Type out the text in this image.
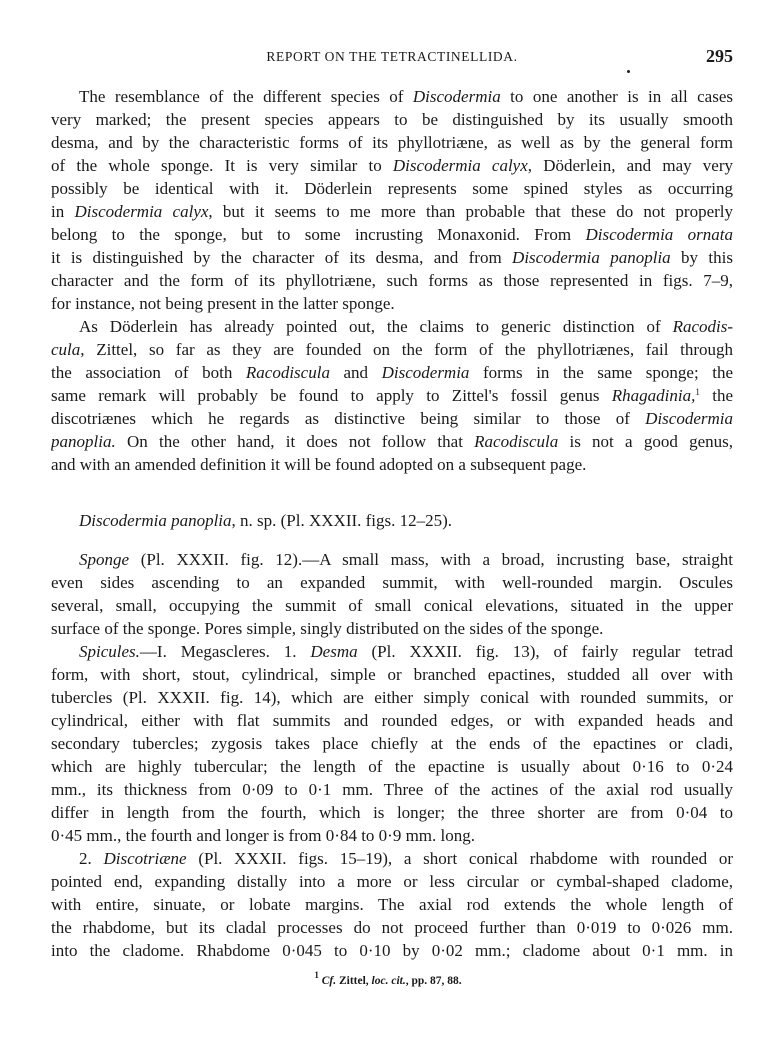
REPORT ON THE TETRACTINELLIDA.	295
The resemblance of the different species of Discodermia to one another is in all cases
very marked; the present species appears to be distinguished by its usually smooth
desma, and by the characteristic forms of its phyllotriæne, as well as by the general form
of the whole sponge. It is very similar to Discodermia calyx, Döderlein, and may very
possibly be identical with it. Döderlein represents some spined styles as occurring
in Discodermia calyx, but it seems to me more than probable that these do not properly
belong to the sponge, but to some incrusting Monaxonid. From Discodermia ornata
it is distinguished by the character of its desma, and from Discodermia panoplia by this
character and the form of its phyllotriæne, such forms as those represented in figs. 7–9,
for instance, not being present in the latter sponge.
As Döderlein has already pointed out, the claims to generic distinction of Racodis-
cula, Zittel, so far as they are founded on the form of the phyllotriænes, fail through
the association of both Racodiscula and Discodermia forms in the same sponge; the
same remark will probably be found to apply to Zittel's fossil genus Rhagadinia,$^1$ the
discotriænes which he regards as distinctive being similar to those of Discodermia
panoplia. On the other hand, it does not follow that Racodiscula is not a good genus,
and with an amended definition it will be found adopted on a subsequent page.
Discodermia panoplia, n. sp. (Pl. XXXII. figs. 12–25).
Sponge (Pl. XXXII. fig. 12).—A small mass, with a broad, incrusting base, straight
even sides ascending to an expanded summit, with well-rounded margin. Oscules
several, small, occupying the summit of small conical elevations, situated in the upper
surface of the sponge. Pores simple, singly distributed on the sides of the sponge.
Spicules.—I. Megascleres. 1. Desma (Pl. XXXII. fig. 13), of fairly regular tetrad
form, with short, stout, cylindrical, simple or branched epactines, studded all over with
tubercles (Pl. XXXII. fig. 14), which are either simply conical with rounded summits, or
cylindrical, either with flat summits and rounded edges, or with expanded heads and
secondary tubercles; zygosis takes place chiefly at the ends of the epactines or cladi,
which are highly tubercular; the length of the epactine is usually about 0·16 to 0·24
mm., its thickness from 0·09 to 0·1 mm. Three of the actines of the axial rod usually
differ in length from the fourth, which is longer; the three shorter are from 0·04 to
0·45 mm., the fourth and longer is from 0·84 to 0·9 mm. long.
2. Discotriæne (Pl. XXXII. figs. 15–19), a short conical rhabdome with rounded or
pointed end, expanding distally into a more or less circular or cymbal-shaped cladome,
with entire, sinuate, or lobate margins. The axial rod extends the whole length of
the rhabdome, but its cladal processes do not proceed further than 0·019 to 0·026 mm.
into the cladome. Rhabdome 0·045 to 0·10 by 0·02 mm.; cladome about 0·1 mm. in
$^1$ Cf. Zittel, loc. cit., pp. 87, 88.
